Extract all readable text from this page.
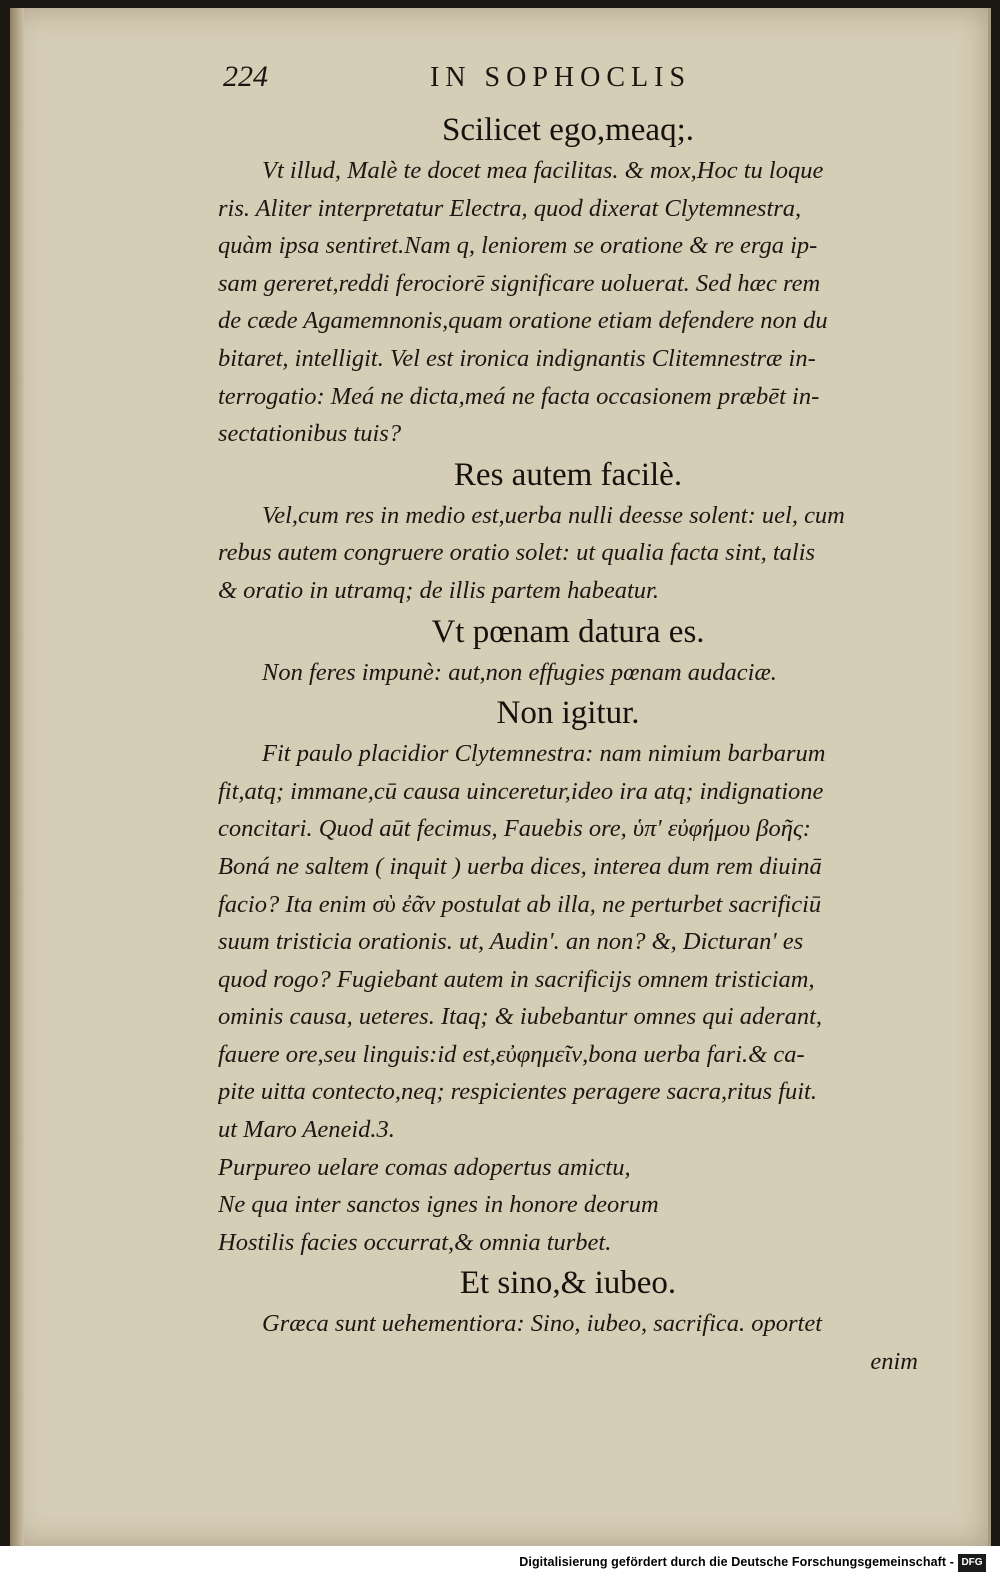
224	IN SOPHOCLIS

Scilicet ego,meaq;.

Vt illud, Malè te docet mea facilitas. & mox,Hoc tu loque

ris. Aliter interpretatur Electra, quod dixerat Clytemnestra,

quàm ipsa sentiret.Nam q, leniorem se oratione & re erga ip-

sam gereret,reddi ferociorē significare uoluerat. Sed hæc rem

de cæde Agamemnonis,quam oratione etiam defendere non du

bitaret, intelligit. Vel est ironica indignantis Clitemnestræ in-

terrogatio: Meá ne dicta,meá ne facta occasionem præbēt in-

sectationibus tuis?

Res autem facilè.

Vel,cum res in medio est,uerba nulli deesse solent: uel, cum

rebus autem congruere oratio solet: ut qualia facta sint, talis

& oratio in utramq; de illis partem habeatur.

Vt pœnam datura es.

Non feres impunè: aut,non effugies pœnam audaciæ.

Non igitur.

Fit paulo placidior Clytemnestra: nam nimium barbarum

fit,atq; immane,cū causa uinceretur,ideo ira atq; indignatione

concitari. Quod aūt fecimus, Fauebis ore, ὑπ' εὐφήμου βοῆς:

Boná ne saltem ( inquit ) uerba dices, interea dum rem diuinā

facio? Ita enim σὺ ἐᾶν postulat ab illa, ne perturbet sacrificiū

suum tristicia orationis. ut, Audin'. an non? &, Dicturan' es

quod rogo? Fugiebant autem in sacrificijs omnem tristiciam,

ominis causa, ueteres. Itaq; & iubebantur omnes qui aderant,

fauere ore,seu linguis:id est,εὐφημεῖν,bona uerba fari.& ca-

pite uitta contecto,neq; respicientes peragere sacra,ritus fuit.

ut Maro Aeneid.3.

Purpureo uelare comas adopertus amictu,

Ne qua inter sanctos ignes in honore deorum

Hostilis facies occurrat,& omnia turbet.

Et sino,& iubeo.

Græca sunt uehementiora: Sino, iubeo, sacrifica. oportet

enim

Digitalisierung gefördert durch die Deutsche Forschungsgemeinschaft - DFG
